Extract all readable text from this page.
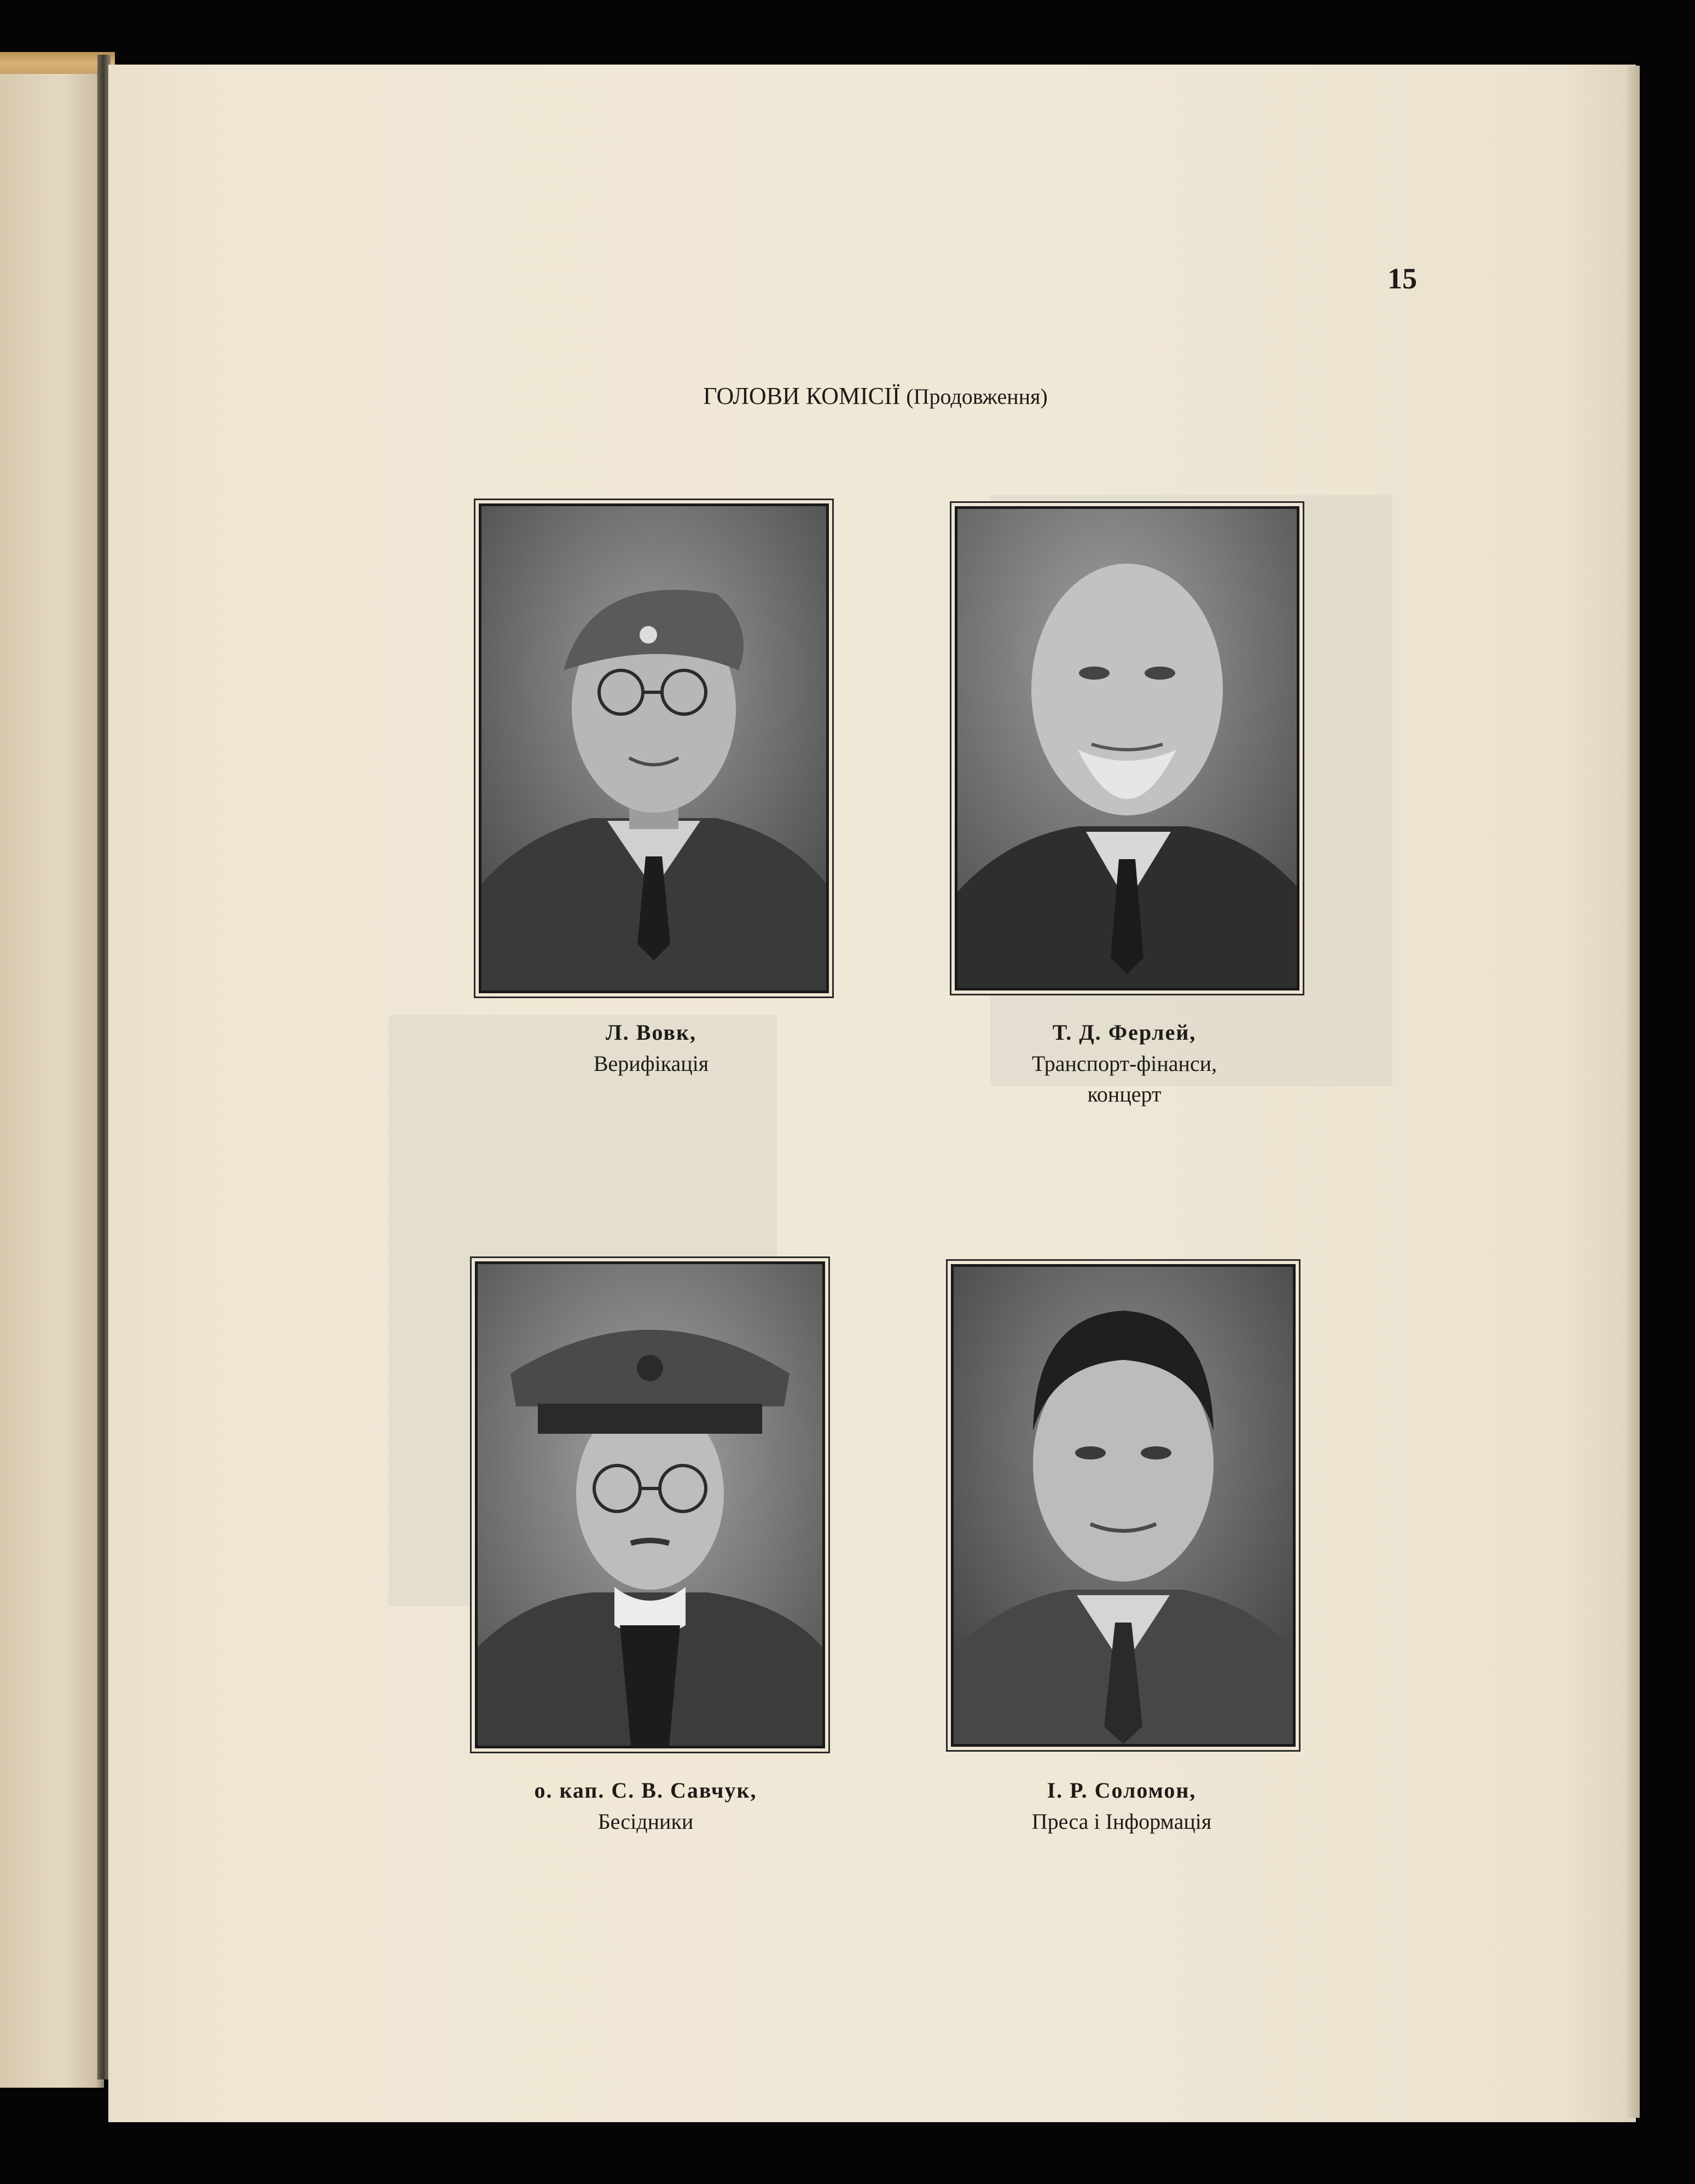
15
ГОЛОВИ КОМІСІЇ (Продовження)
Л. Вовк,
Верифікація
Т. Д. Ферлей,
Транспорт-фінанси,
концерт
о. кап. С. В. Савчук,
Бесідники
І. Р. Соломон,
Преса і Інформація
